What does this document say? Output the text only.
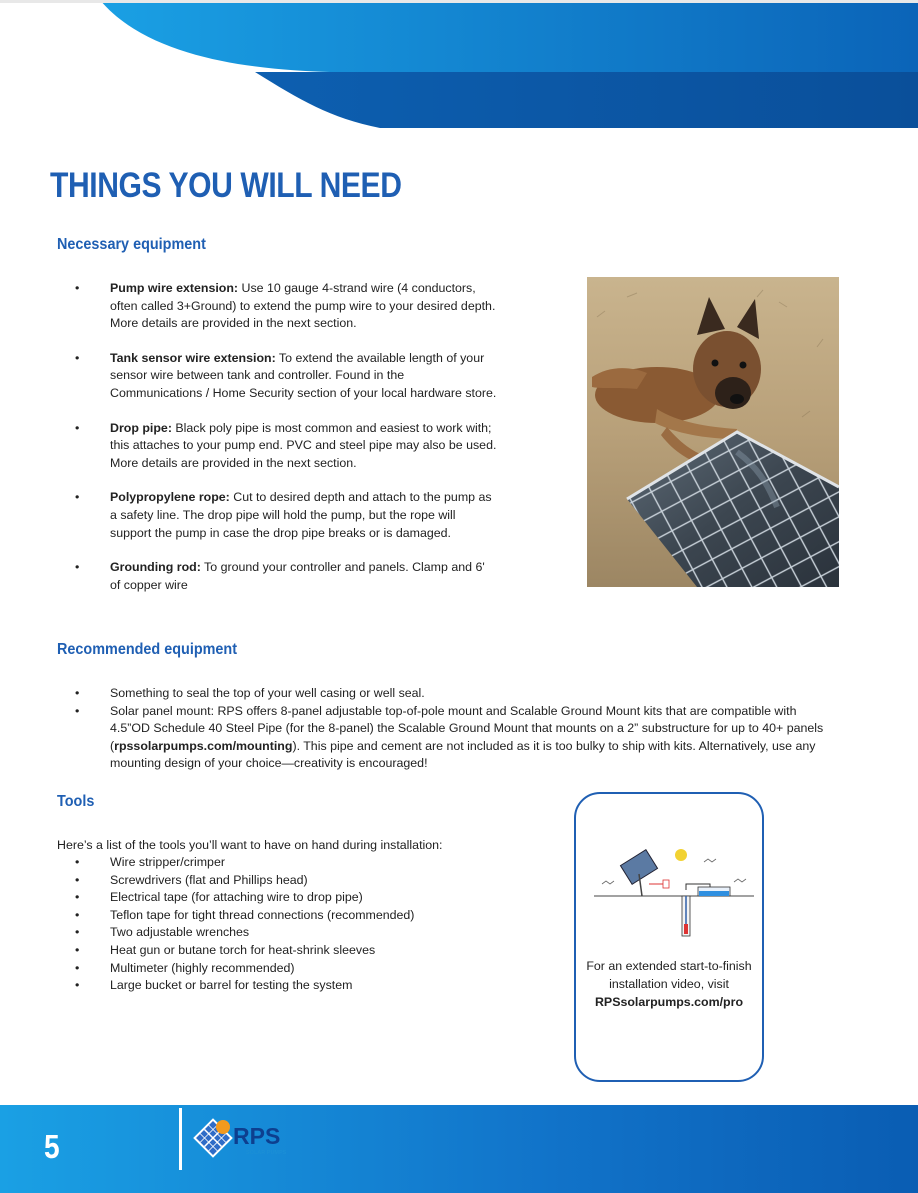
THINGS YOU WILL NEED
Necessary equipment
• Pump wire extension: Use 10 gauge 4-strand wire (4 conductors, often called 3+Ground) to extend the pump wire to your desired depth. More details are provided in the next section.
• Tank sensor wire extension: To extend the available length of your sensor wire between tank and controller. Found in the Communications / Home Security section of your local hardware store.
• Drop pipe: Black poly pipe is most common and easiest to work with; this attaches to your pump end. PVC and steel pipe may also be used. More details are provided in the next section.
• Polypropylene rope: Cut to desired depth and attach to the pump as a safety line. The drop pipe will hold the pump, but the rope will support the pump in case the drop pipe breaks or is damaged.
• Grounding rod: To ground your controller and panels. Clamp and 6' of copper wire
Recommended equipment
• Something to seal the top of your well casing or well seal.
• Solar panel mount: RPS offers 8-panel adjustable top-of-pole mount and Scalable Ground Mount kits that are compatible with 4.5”OD Schedule 40 Steel Pipe (for the 8-panel) the Scalable Ground Mount that mounts on a 2” substructure for up to 40+ panels (rpssolarpumps.com/mounting). This pipe and cement are not included as it is too bulky to ship with kits. Alternatively, use any mounting design of your choice—creativity is encouraged!
Tools

Here’s a list of the tools you’ll want to have on hand during installation:

• Wire stripper/crimper
• Screwdrivers (flat and Phillips head)
• Electrical tape (for attaching wire to drop pipe)
• Teflon tape for tight thread connections (recommended)
• Two adjustable wrenches
• Heat gun or butane torch for heat-shrink sleeves
• Multimeter (highly recommended)
• Large bucket or barrel for testing the system
For an extended start-to-finish installation video, visit
RPSsolarpumps.com/pro
5	RPS
SOLAR PUMPS
